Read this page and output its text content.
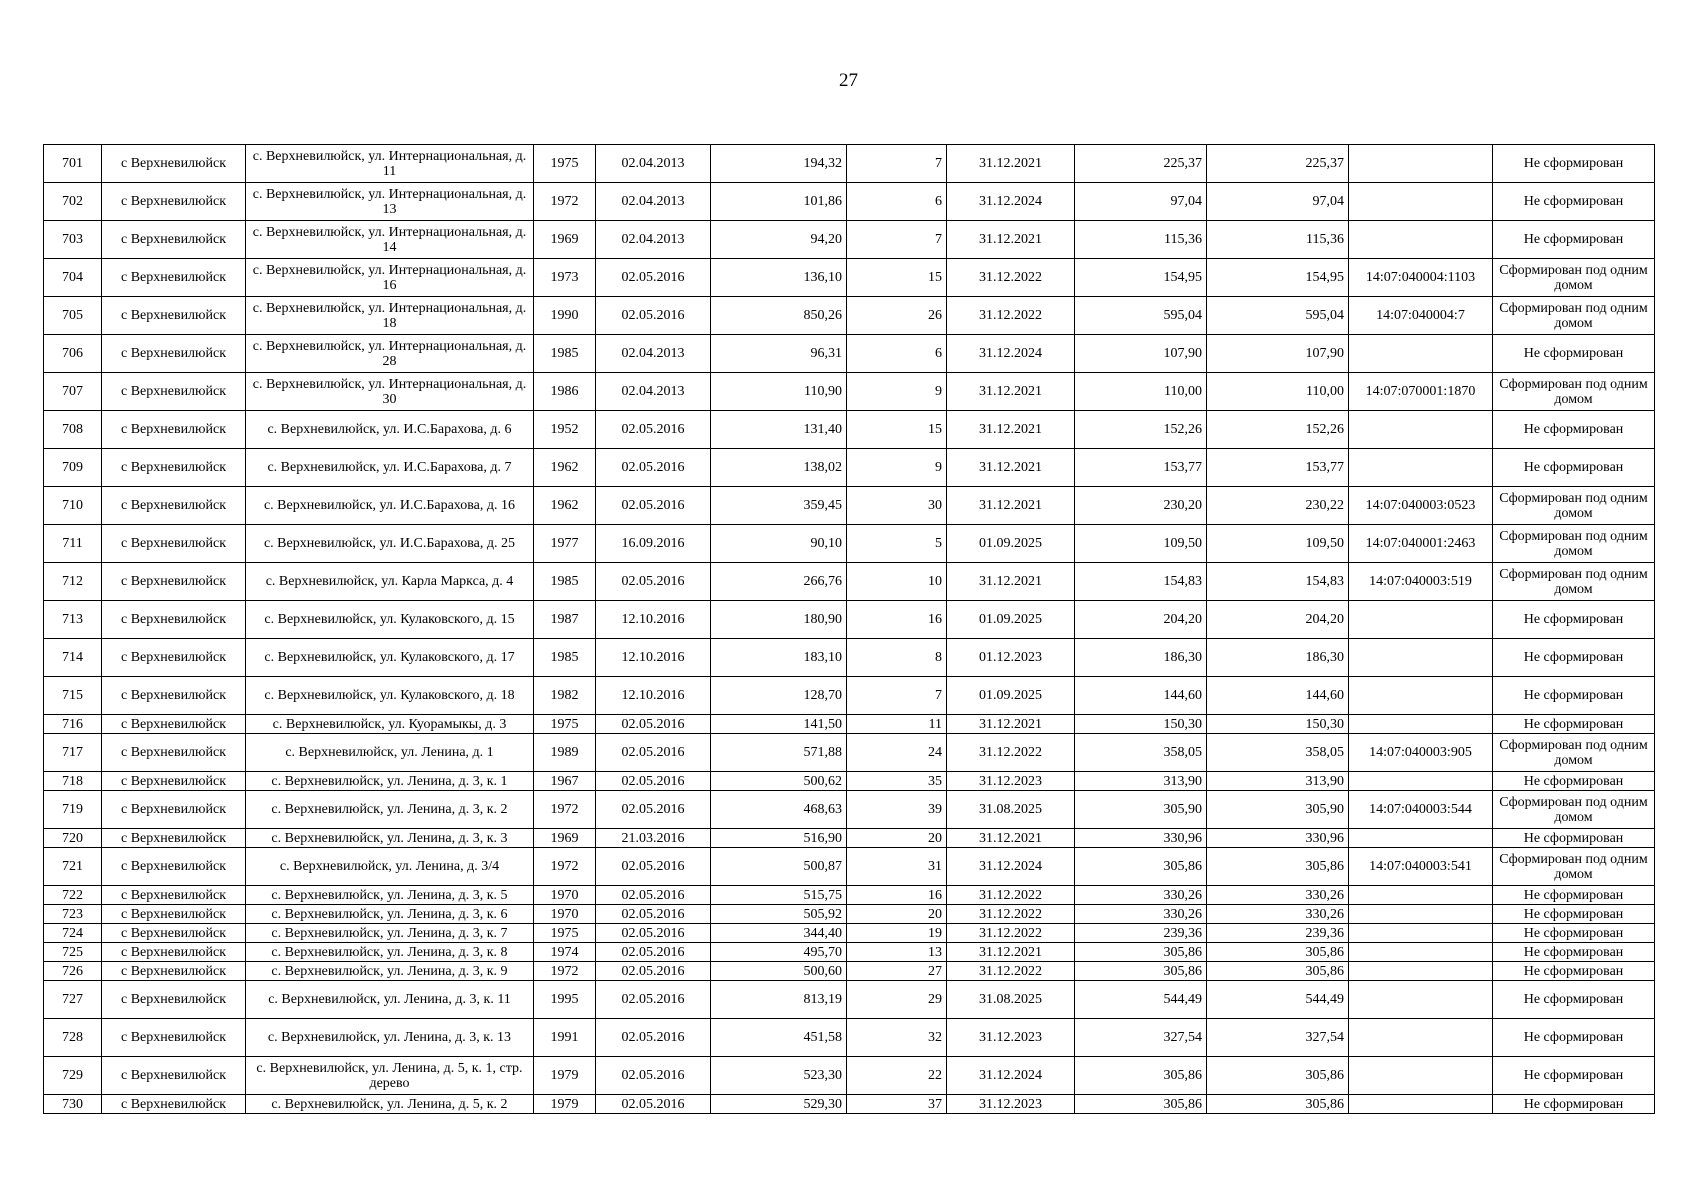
27
701	с Верхневилюйск	с. Верхневилюйск, ул. Интернациональная, д. 11	1975	02.04.2013	194,32	7	31.12.2021	225,37	225,37		Не сформирован
702	с Верхневилюйск	с. Верхневилюйск, ул. Интернациональная, д. 13	1972	02.04.2013	101,86	6	31.12.2024	97,04	97,04		Не сформирован
703	с Верхневилюйск	с. Верхневилюйск, ул. Интернациональная, д. 14	1969	02.04.2013	94,20	7	31.12.2021	115,36	115,36		Не сформирован
704	с Верхневилюйск	с. Верхневилюйск, ул. Интернациональная, д. 16	1973	02.05.2016	136,10	15	31.12.2022	154,95	154,95	14:07:040004:1103	Сформирован под одним домом
705	с Верхневилюйск	с. Верхневилюйск, ул. Интернациональная, д. 18	1990	02.05.2016	850,26	26	31.12.2022	595,04	595,04	14:07:040004:7	Сформирован под одним домом
706	с Верхневилюйск	с. Верхневилюйск, ул. Интернациональная, д. 28	1985	02.04.2013	96,31	6	31.12.2024	107,90	107,90		Не сформирован
707	с Верхневилюйск	с. Верхневилюйск, ул. Интернациональная, д. 30	1986	02.04.2013	110,90	9	31.12.2021	110,00	110,00	14:07:070001:1870	Сформирован под одним домом
708	с Верхневилюйск	с. Верхневилюйск, ул. И.С.Барахова, д. 6	1952	02.05.2016	131,40	15	31.12.2021	152,26	152,26		Не сформирован
709	с Верхневилюйск	с. Верхневилюйск, ул. И.С.Барахова, д. 7	1962	02.05.2016	138,02	9	31.12.2021	153,77	153,77		Не сформирован
710	с Верхневилюйск	с. Верхневилюйск, ул. И.С.Барахова, д. 16	1962	02.05.2016	359,45	30	31.12.2021	230,20	230,22	14:07:040003:0523	Сформирован под одним домом
711	с Верхневилюйск	с. Верхневилюйск, ул. И.С.Барахова, д. 25	1977	16.09.2016	90,10	5	01.09.2025	109,50	109,50	14:07:040001:2463	Сформирован под одним домом
712	с Верхневилюйск	с. Верхневилюйск, ул. Карла Маркса, д. 4	1985	02.05.2016	266,76	10	31.12.2021	154,83	154,83	14:07:040003:519	Сформирован под одним домом
713	с Верхневилюйск	с. Верхневилюйск, ул. Кулаковского, д. 15	1987	12.10.2016	180,90	16	01.09.2025	204,20	204,20		Не сформирован
714	с Верхневилюйск	с. Верхневилюйск, ул. Кулаковского, д. 17	1985	12.10.2016	183,10	8	01.12.2023	186,30	186,30		Не сформирован
715	с Верхневилюйск	с. Верхневилюйск, ул. Кулаковского, д. 18	1982	12.10.2016	128,70	7	01.09.2025	144,60	144,60		Не сформирован
716	с Верхневилюйск	с. Верхневилюйск, ул. Куорамыкы, д. 3	1975	02.05.2016	141,50	11	31.12.2021	150,30	150,30		Не сформирован
717	с Верхневилюйск	с. Верхневилюйск, ул. Ленина, д. 1	1989	02.05.2016	571,88	24	31.12.2022	358,05	358,05	14:07:040003:905	Сформирован под одним домом
718	с Верхневилюйск	с. Верхневилюйск, ул. Ленина, д. 3, к. 1	1967	02.05.2016	500,62	35	31.12.2023	313,90	313,90		Не сформирован
719	с Верхневилюйск	с. Верхневилюйск, ул. Ленина, д. 3, к. 2	1972	02.05.2016	468,63	39	31.08.2025	305,90	305,90	14:07:040003:544	Сформирован под одним домом
720	с Верхневилюйск	с. Верхневилюйск, ул. Ленина, д. 3, к. 3	1969	21.03.2016	516,90	20	31.12.2021	330,96	330,96		Не сформирован
721	с Верхневилюйск	с. Верхневилюйск, ул. Ленина, д. 3/4	1972	02.05.2016	500,87	31	31.12.2024	305,86	305,86	14:07:040003:541	Сформирован под одним домом
722	с Верхневилюйск	с. Верхневилюйск, ул. Ленина, д. 3, к. 5	1970	02.05.2016	515,75	16	31.12.2022	330,26	330,26		Не сформирован
723	с Верхневилюйск	с. Верхневилюйск, ул. Ленина, д. 3, к. 6	1970	02.05.2016	505,92	20	31.12.2022	330,26	330,26		Не сформирован
724	с Верхневилюйск	с. Верхневилюйск, ул. Ленина, д. 3, к. 7	1975	02.05.2016	344,40	19	31.12.2022	239,36	239,36		Не сформирован
725	с Верхневилюйск	с. Верхневилюйск, ул. Ленина, д. 3, к. 8	1974	02.05.2016	495,70	13	31.12.2021	305,86	305,86		Не сформирован
726	с Верхневилюйск	с. Верхневилюйск, ул. Ленина, д. 3, к. 9	1972	02.05.2016	500,60	27	31.12.2022	305,86	305,86		Не сформирован
727	с Верхневилюйск	с. Верхневилюйск, ул. Ленина, д. 3, к. 11	1995	02.05.2016	813,19	29	31.08.2025	544,49	544,49		Не сформирован
728	с Верхневилюйск	с. Верхневилюйск, ул. Ленина, д. 3, к. 13	1991	02.05.2016	451,58	32	31.12.2023	327,54	327,54		Не сформирован
729	с Верхневилюйск	с. Верхневилюйск, ул. Ленина, д. 5, к. 1, стр. дерево	1979	02.05.2016	523,30	22	31.12.2024	305,86	305,86		Не сформирован
730	с Верхневилюйск	с. Верхневилюйск, ул. Ленина, д. 5, к. 2	1979	02.05.2016	529,30	37	31.12.2023	305,86	305,86		Не сформирован
